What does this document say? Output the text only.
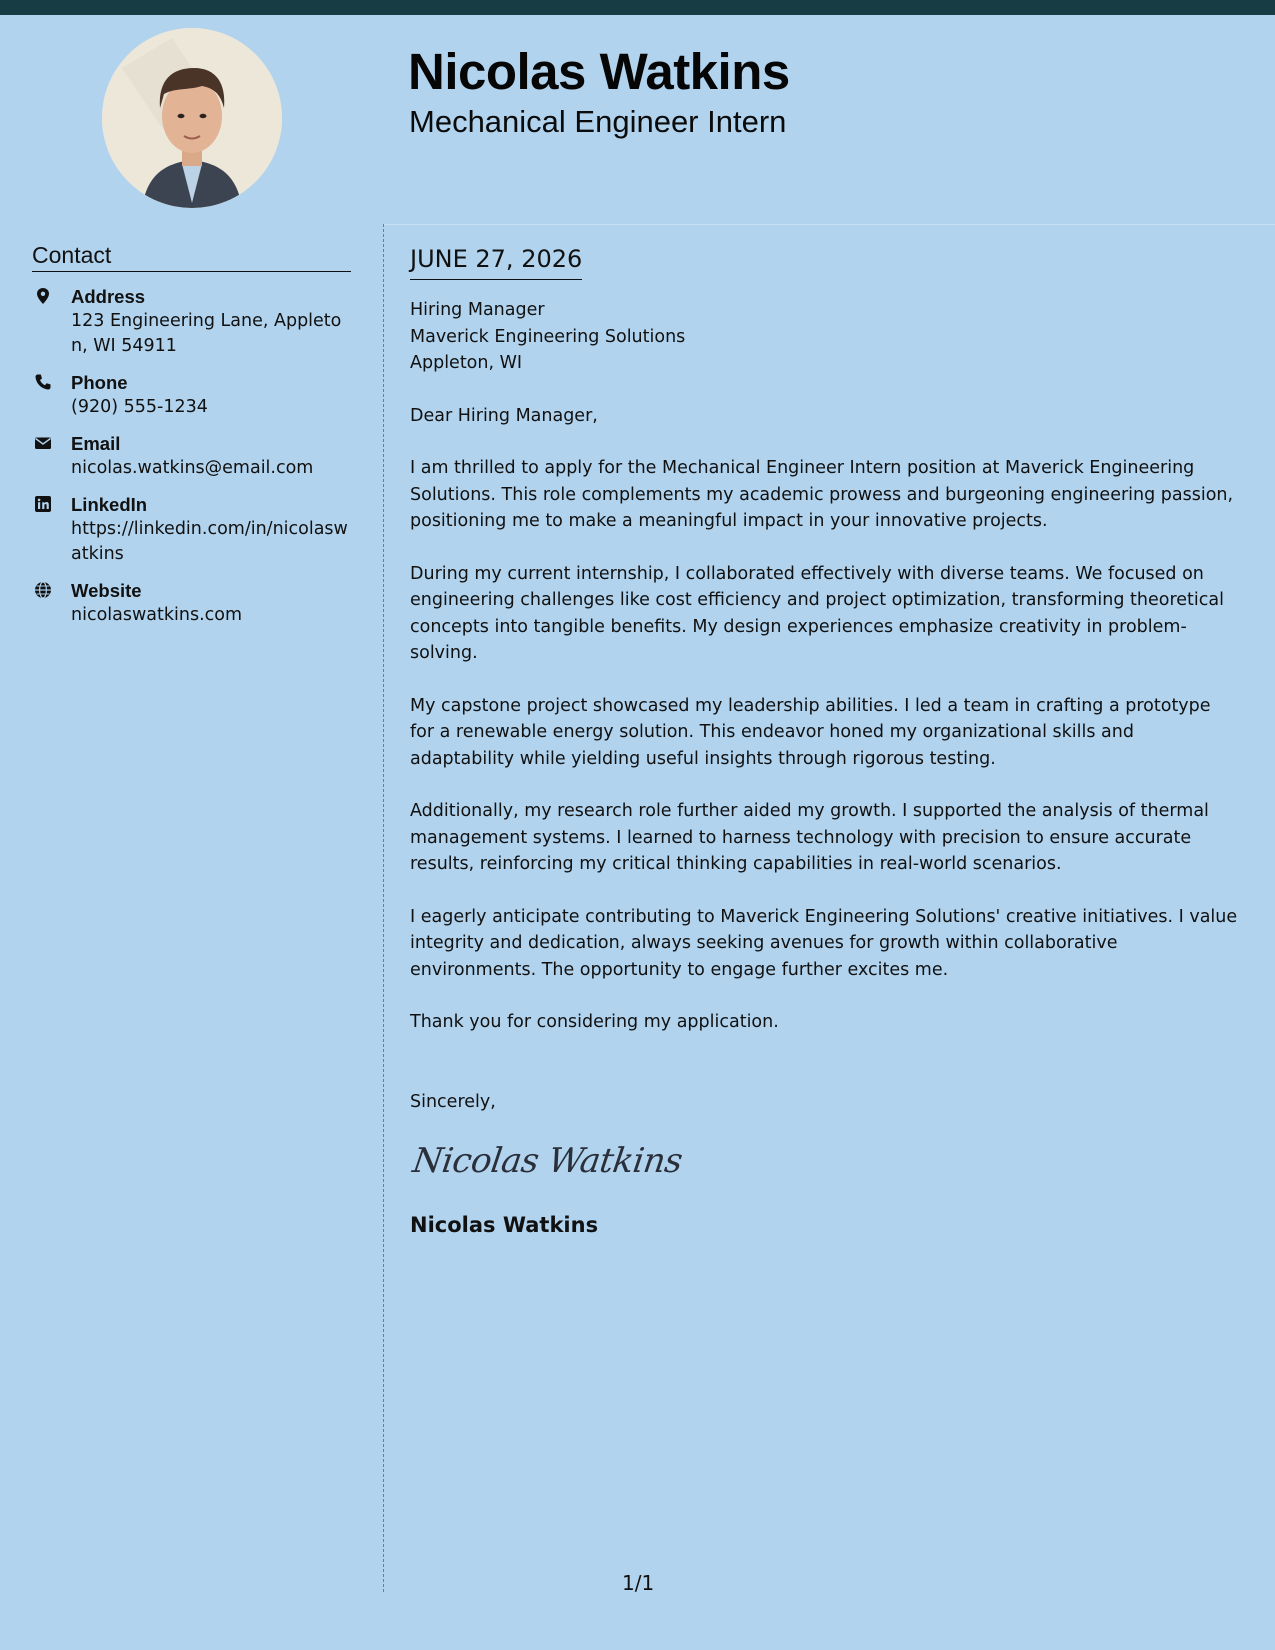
Nicolas Watkins
Mechanical Engineer Intern
Contact
Address
123 Engineering Lane, Appleton, WI 54911
Phone
(920) 555-1234
Email
nicolas.watkins@email.com
LinkedIn
https://linkedin.com/in/nicolaswatkins
Website
nicolaswatkins.com
JUNE 27, 2026
Hiring Manager
Maverick Engineering Solutions
Appleton, WI
Dear Hiring Manager,

I am thrilled to apply for the Mechanical Engineer Intern position at Maverick Engineering Solutions. This role complements my academic prowess and burgeoning engineering passion, positioning me to make a meaningful impact in your innovative projects.

During my current internship, I collaborated effectively with diverse teams. We focused on engineering challenges like cost efficiency and project optimization, transforming theoretical concepts into tangible benefits. My design experiences emphasize creativity in problem-solving.

My capstone project showcased my leadership abilities. I led a team in crafting a prototype for a renewable energy solution. This endeavor honed my organizational skills and adaptability while yielding useful insights through rigorous testing.

Additionally, my research role further aided my growth. I supported the analysis of thermal management systems. I learned to harness technology with precision to ensure accurate results, reinforcing my critical thinking capabilities in real-world scenarios.

I eagerly anticipate contributing to Maverick Engineering Solutions' creative initiatives. I value integrity and dedication, always seeking avenues for growth within collaborative environments. The opportunity to engage further excites me.

Thank you for considering my application.
Sincerely,
Nicolas Watkins
Nicolas Watkins
1/1
